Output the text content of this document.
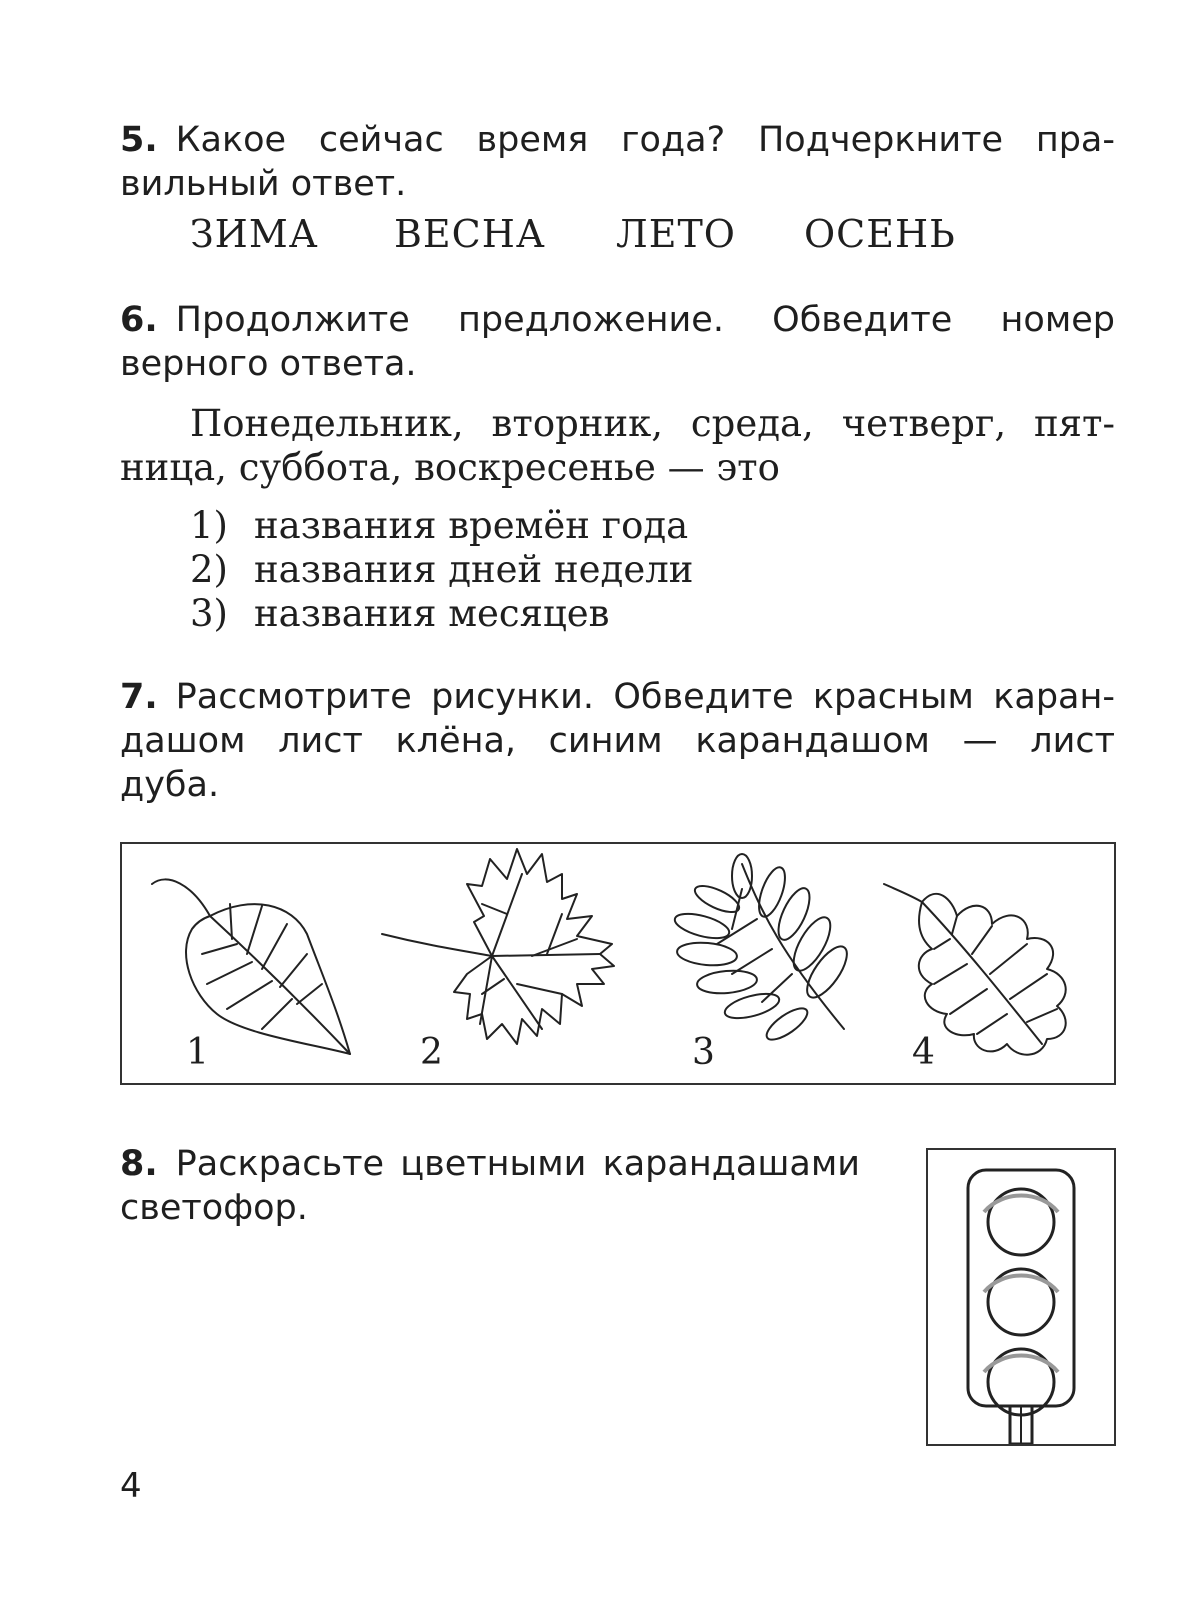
5. Какое сейчас время года? Подчеркните пра-
вильный ответ.
ЗИМА ВЕСНА ЛЕТО ОСЕНЬ
6. Продолжите предложение. Обведите номер
верного ответа.
Понедельник, вторник, среда, четверг, пят-
ница, суббота, воскресенье — это
1) названия времён года
2) названия дней недели
3) названия месяцев
7. Рассмотрите рисунки. Обведите красным каран-
дашом лист клёна, синим карандашом — лист
дуба.
1	2	3	4
8. Раскрасьте цветными карандашами
светофор.
4
